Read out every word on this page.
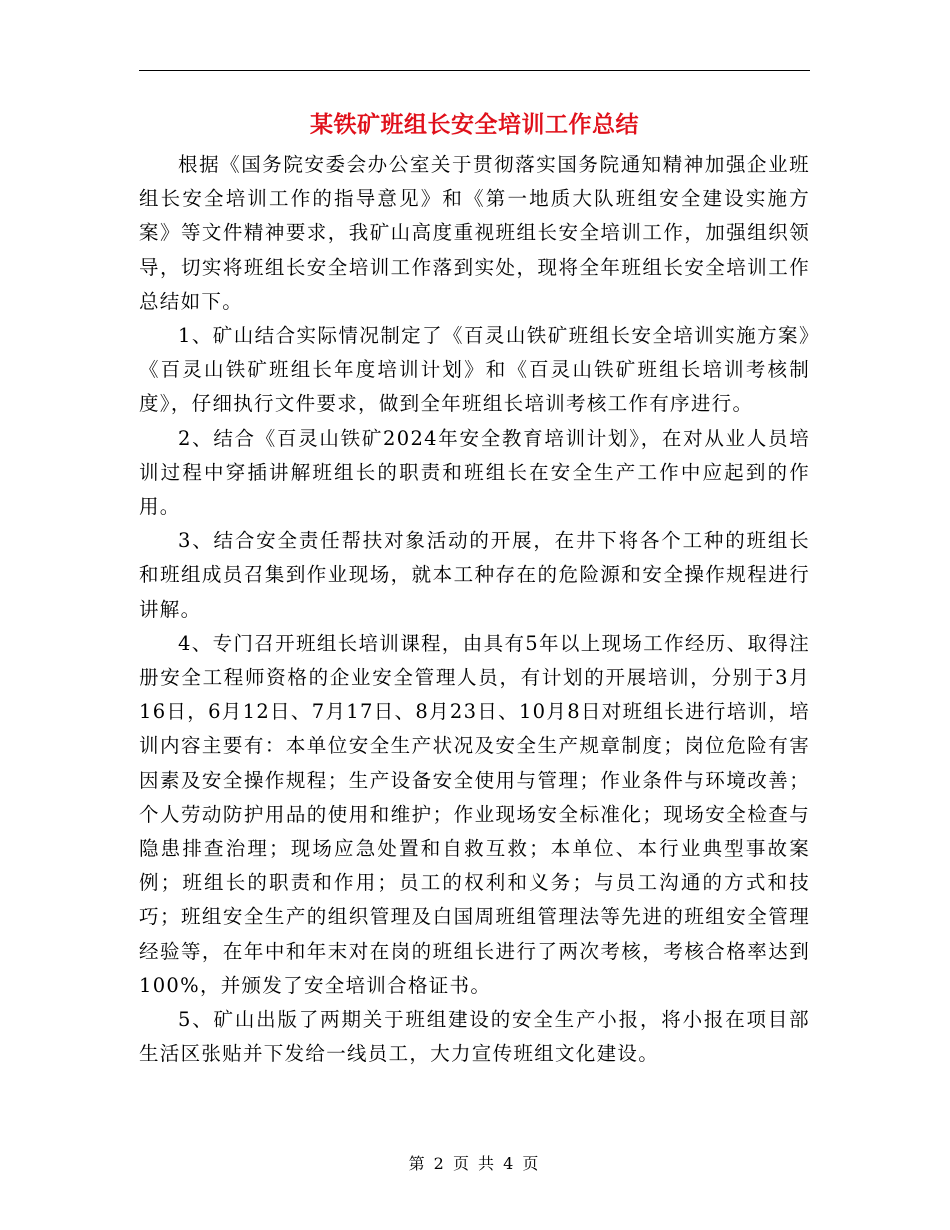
某铁矿班组长安全培训工作总结

根据《国务院安委会办公室关于贯彻落实国务院通知精神加强企业班组长安全培训工作的指导意见》和《第一地质大队班组安全建设实施方案》等文件精神要求，我矿山高度重视班组长安全培训工作，加强组织领导，切实将班组长安全培训工作落到实处，现将全年班组长安全培训工作总结如下。

1、矿山结合实际情况制定了《百灵山铁矿班组长安全培训实施方案》《百灵山铁矿班组长年度培训计划》和《百灵山铁矿班组长培训考核制度》，仔细执行文件要求，做到全年班组长培训考核工作有序进行。

2、结合《百灵山铁矿2024年安全教育培训计划》，在对从业人员培训过程中穿插讲解班组长的职责和班组长在安全生产工作中应起到的作用。

3、结合安全责任帮扶对象活动的开展，在井下将各个工种的班组长和班组成员召集到作业现场，就本工种存在的危险源和安全操作规程进行讲解。

4、专门召开班组长培训课程，由具有5年以上现场工作经历、取得注册安全工程师资格的企业安全管理人员，有计划的开展培训，分别于3月16日，6月12日、7月17日、8月23日、10月8日对班组长进行培训，培训内容主要有：本单位安全生产状况及安全生产规章制度；岗位危险有害因素及安全操作规程；生产设备安全使用与管理；作业条件与环境改善；个人劳动防护用品的使用和维护；作业现场安全标准化；现场安全检查与隐患排查治理；现场应急处置和自救互救；本单位、本行业典型事故案例；班组长的职责和作用；员工的权利和义务；与员工沟通的方式和技巧；班组安全生产的组织管理及白国周班组管理法等先进的班组安全管理经验等，在年中和年末对在岗的班组长进行了两次考核，考核合格率达到100%，并颁发了安全培训合格证书。

5、矿山出版了两期关于班组建设的安全生产小报，将小报在项目部生活区张贴并下发给一线员工，大力宣传班组文化建设。

第 2 页 共 4 页
